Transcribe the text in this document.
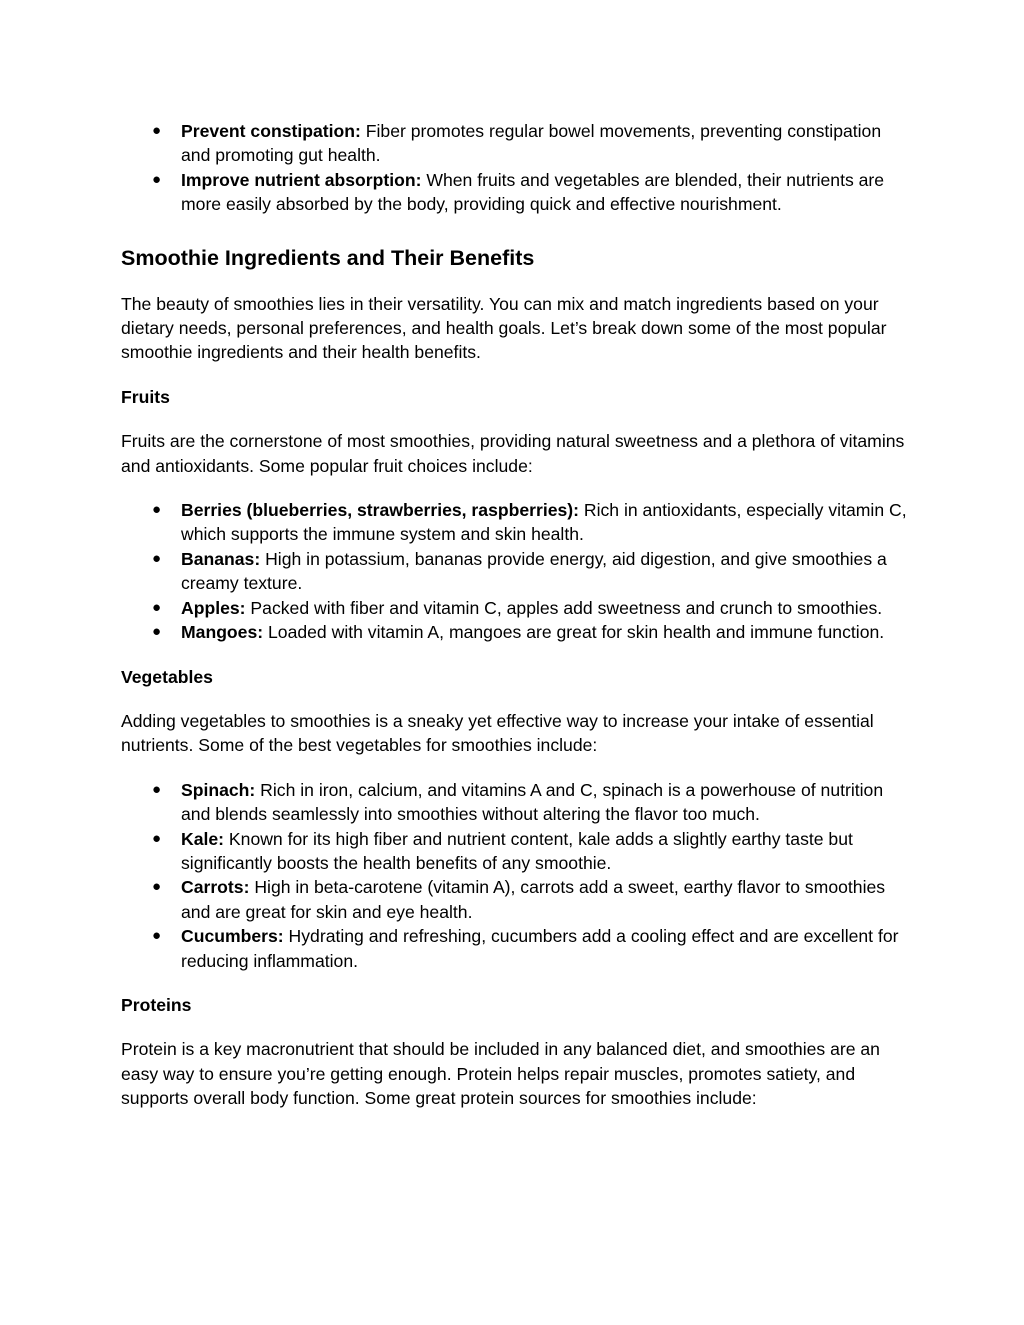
● Prevent constipation: Fiber promotes regular bowel movements, preventing constipation and promoting gut health.
● Improve nutrient absorption: When fruits and vegetables are blended, their nutrients are more easily absorbed by the body, providing quick and effective nourishment.
Smoothie Ingredients and Their Benefits

The beauty of smoothies lies in their versatility. You can mix and match ingredients based on your dietary needs, personal preferences, and health goals. Let’s break down some of the most popular smoothie ingredients and their health benefits.

Fruits

Fruits are the cornerstone of most smoothies, providing natural sweetness and a plethora of vitamins and antioxidants. Some popular fruit choices include:

● Berries (blueberries, strawberries, raspberries): Rich in antioxidants, especially vitamin C, which supports the immune system and skin health.
● Bananas: High in potassium, bananas provide energy, aid digestion, and give smoothies a creamy texture.
● Apples: Packed with fiber and vitamin C, apples add sweetness and crunch to smoothies.
● Mangoes: Loaded with vitamin A, mangoes are great for skin health and immune function.
Vegetables

Adding vegetables to smoothies is a sneaky yet effective way to increase your intake of essential nutrients. Some of the best vegetables for smoothies include:

● Spinach: Rich in iron, calcium, and vitamins A and C, spinach is a powerhouse of nutrition and blends seamlessly into smoothies without altering the flavor too much.
● Kale: Known for its high fiber and nutrient content, kale adds a slightly earthy taste but significantly boosts the health benefits of any smoothie.
● Carrots: High in beta-carotene (vitamin A), carrots add a sweet, earthy flavor to smoothies and are great for skin and eye health.
● Cucumbers: Hydrating and refreshing, cucumbers add a cooling effect and are excellent for reducing inflammation.
Proteins

Protein is a key macronutrient that should be included in any balanced diet, and smoothies are an easy way to ensure you’re getting enough. Protein helps repair muscles, promotes satiety, and supports overall body function. Some great protein sources for smoothies include:
